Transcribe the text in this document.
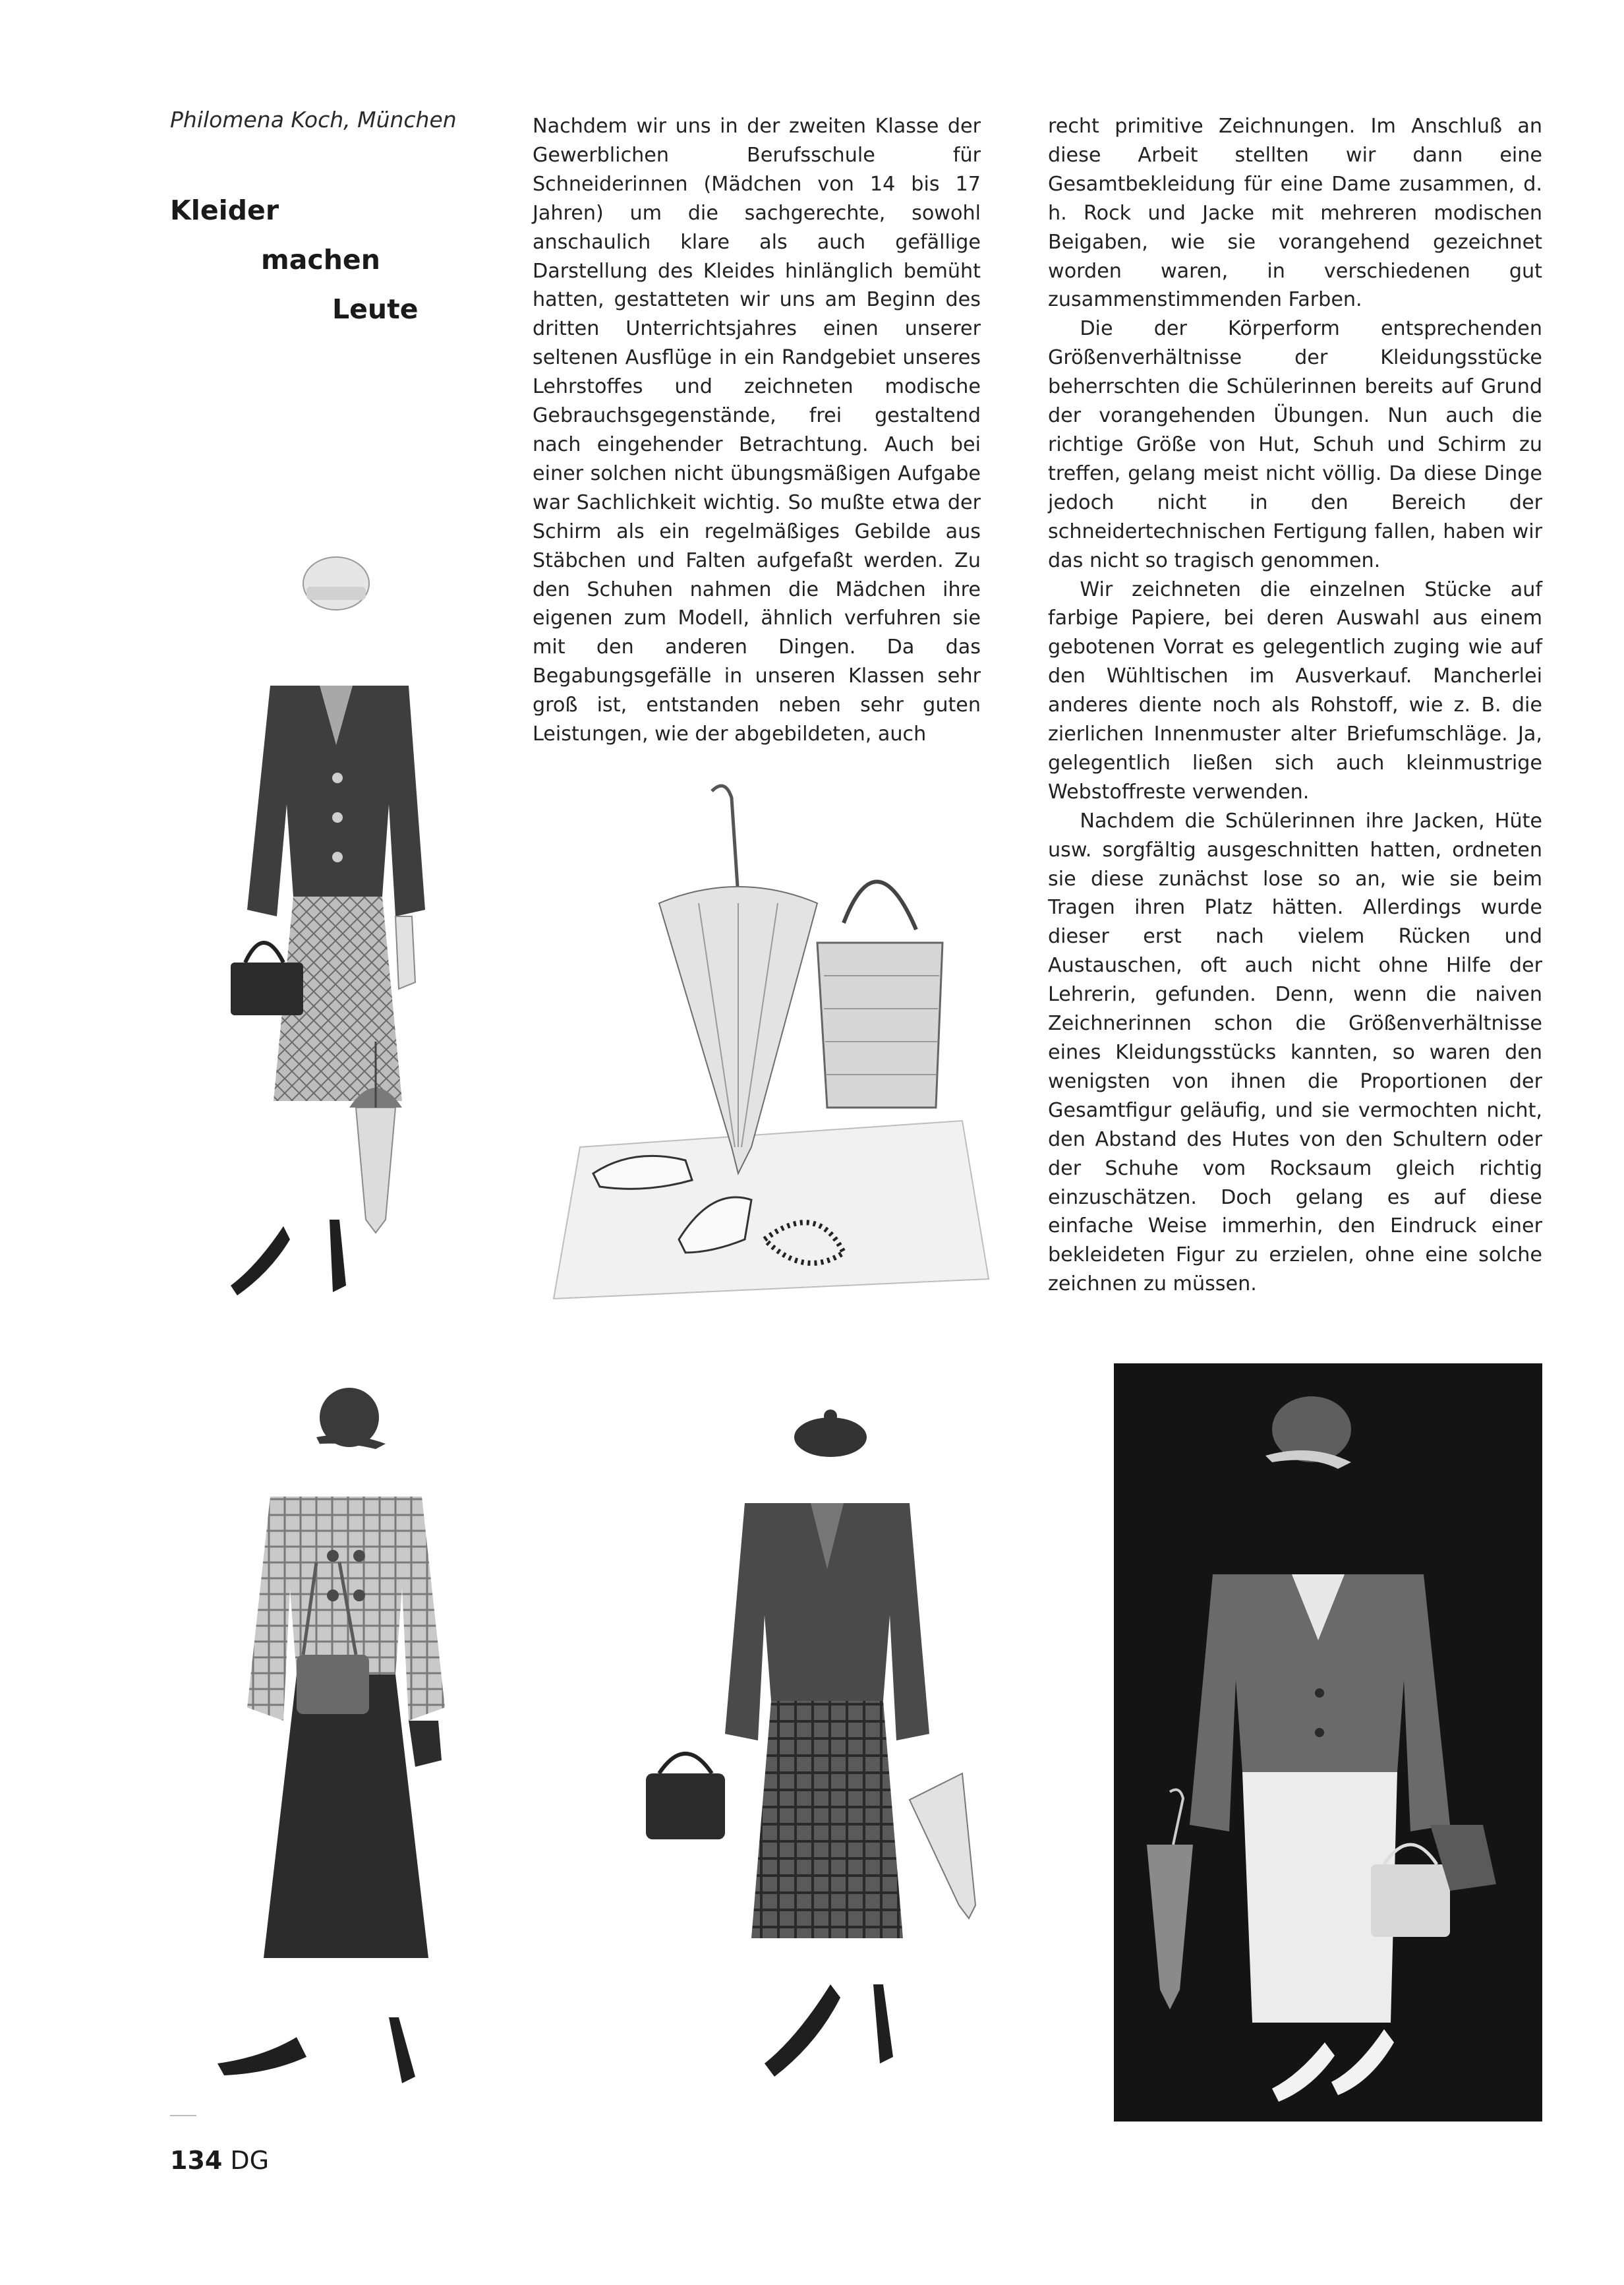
Philomena Koch, München
Kleider
machen
Leute

Nachdem wir uns in der zweiten Klasse der Gewerblichen Berufsschule für Schneiderinnen (Mädchen von 14 bis 17 Jahren) um die sachgerechte, sowohl anschaulich klare als auch gefällige Darstellung des Kleides hinlänglich bemüht hatten, gestatteten wir uns am Beginn des dritten Unterrichtsjahres einen unserer seltenen Ausflüge in ein Randgebiet unseres Lehrstoffes und zeichneten modische Gebrauchsgegenstände, frei gestaltend nach eingehender Betrachtung. Auch bei einer solchen nicht übungsmäßigen Aufgabe war Sachlichkeit wichtig. So mußte etwa der Schirm als ein regelmäßiges Gebilde aus Stäbchen und Falten aufgefaßt werden. Zu den Schuhen nahmen die Mädchen ihre eigenen zum Modell, ähnlich verfuhren sie mit den anderen Dingen. Da das Begabungsgefälle in unseren Klassen sehr groß ist, entstanden neben sehr guten Leistungen, wie der abgebildeten, auch

recht primitive Zeichnungen. Im Anschluß an diese Arbeit stellten wir dann eine Gesamtbekleidung für eine Dame zusammen, d. h. Rock und Jacke mit mehreren modischen Beigaben, wie sie vorangehend gezeichnet worden waren, in verschiedenen gut zusammenstimmenden Farben.

Die der Körperform entsprechenden Größenverhältnisse der Kleidungsstücke beherrschten die Schülerinnen bereits auf Grund der vorangehenden Übungen. Nun auch die richtige Größe von Hut, Schuh und Schirm zu treffen, gelang meist nicht völlig. Da diese Dinge jedoch nicht in den Bereich der schneidertechnischen Fertigung fallen, haben wir das nicht so tragisch genommen.

Wir zeichneten die einzelnen Stücke auf farbige Papiere, bei deren Auswahl aus einem gebotenen Vorrat es gelegentlich zuging wie auf den Wühltischen im Ausverkauf. Mancherlei anderes diente noch als Rohstoff, wie z. B. die zierlichen Innenmuster alter Briefumschläge. Ja, gelegentlich ließen sich auch kleinmustrige Webstoffreste verwenden.

Nachdem die Schülerinnen ihre Jacken, Hüte usw. sorgfältig ausgeschnitten hatten, ordneten sie diese zunächst lose so an, wie sie beim Tragen ihren Platz hätten. Allerdings wurde dieser erst nach vielem Rücken und Austauschen, oft auch nicht ohne Hilfe der Lehrerin, gefunden. Denn, wenn die naiven Zeichnerinnen schon die Größenverhältnisse eines Kleidungsstücks kannten, so waren den wenigsten von ihnen die Proportionen der Gesamtfigur geläufig, und sie vermochten nicht, den Abstand des Hutes von den Schultern oder der Schuhe vom Rocksaum gleich richtig einzuschätzen. Doch gelang es auf diese einfache Weise immerhin, den Eindruck einer bekleideten Figur zu erzielen, ohne eine solche zeichnen zu müssen.

134 DG
